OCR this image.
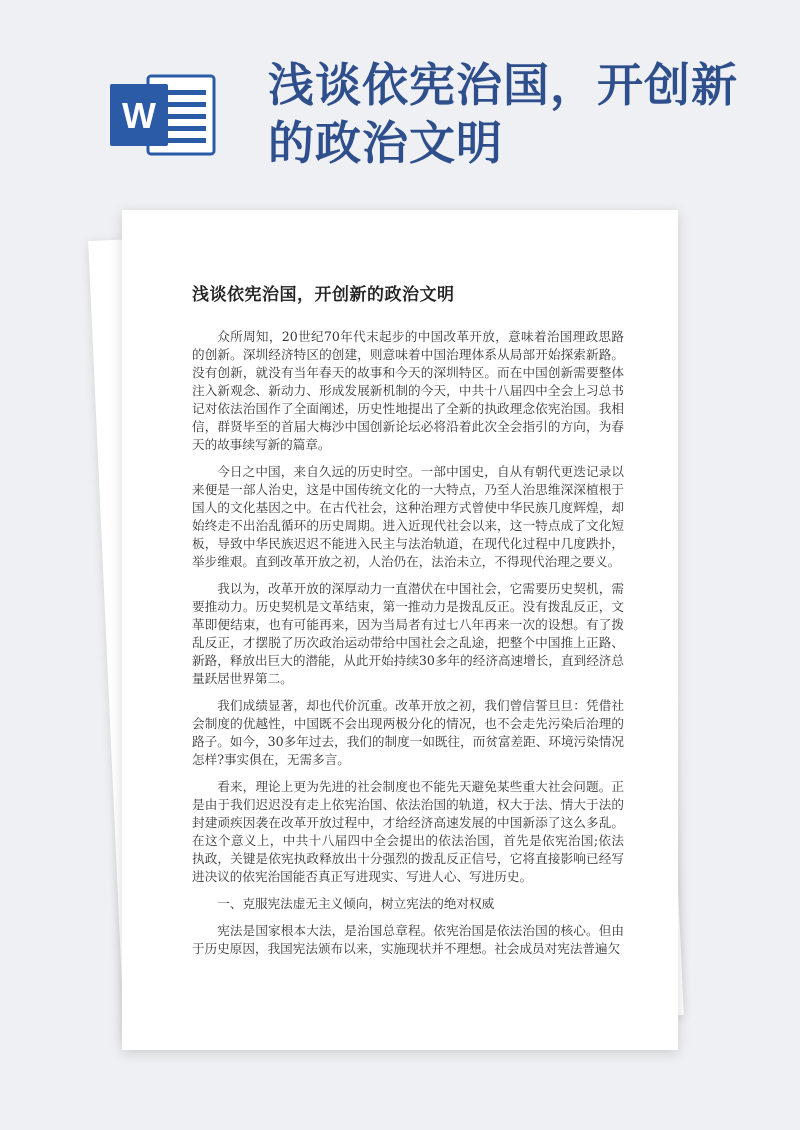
W
浅谈依宪治国，开创新的政治文明
浅谈依宪治国，开创新的政治文明

众所周知，20世纪70年代末起步的中国改革开放，意味着治国理政思路的创新。深圳经济特区的创建，则意味着中国治理体系从局部开始探索新路。没有创新，就没有当年春天的故事和今天的深圳特区。而在中国创新需要整体注入新观念、新动力、形成发展新机制的今天，中共十八届四中全会上习总书记对依法治国作了全面阐述，历史性地提出了全新的执政理念依宪治国。我相信，群贤毕至的首届大梅沙中国创新论坛必将沿着此次全会指引的方向，为春天的故事续写新的篇章。

今日之中国，来自久远的历史时空。一部中国史，自从有朝代更迭记录以来便是一部人治史，这是中国传统文化的一大特点，乃至人治思维深深植根于国人的文化基因之中。在古代社会，这种治理方式曾使中华民族几度辉煌，却始终走不出治乱循环的历史周期。进入近现代社会以来，这一特点成了文化短板，导致中华民族迟迟不能进入民主与法治轨道，在现代化过程中几度跌扑，举步维艰。直到改革开放之初，人治仍在，法治未立，不得现代治理之要义。

我以为，改革开放的深厚动力一直潜伏在中国社会，它需要历史契机，需要推动力。历史契机是文革结束，第一推动力是拨乱反正。没有拨乱反正，文革即便结束，也有可能再来，因为当局者有过七八年再来一次的设想。有了拨乱反正，才摆脱了历次政治运动带给中国社会之乱途，把整个中国推上正路、新路，释放出巨大的潜能，从此开始持续30多年的经济高速增长，直到经济总量跃居世界第二。

我们成绩显著，却也代价沉重。改革开放之初，我们曾信誓旦旦：凭借社会制度的优越性，中国既不会出现两极分化的情况，也不会走先污染后治理的路子。如今，30多年过去，我们的制度一如既往，而贫富差距、环境污染情况怎样?事实俱在，无需多言。

看来，理论上更为先进的社会制度也不能先天避免某些重大社会问题。正是由于我们迟迟没有走上依宪治国、依法治国的轨道，权大于法、情大于法的封建顽疾因袭在改革开放过程中，才给经济高速发展的中国新添了这么多乱。在这个意义上，中共十八届四中全会提出的依法治国，首先是依宪治国;依法执政，关键是依宪执政释放出十分强烈的拨乱反正信号，它将直接影响已经写进决议的依宪治国能否真正写进现实、写进人心、写进历史。

一、克服宪法虚无主义倾向，树立宪法的绝对权威

宪法是国家根本大法，是治国总章程。依宪治国是依法治国的核心。但由于历史原因，我国宪法颁布以来，实施现状并不理想。社会成员对宪法普遍欠
